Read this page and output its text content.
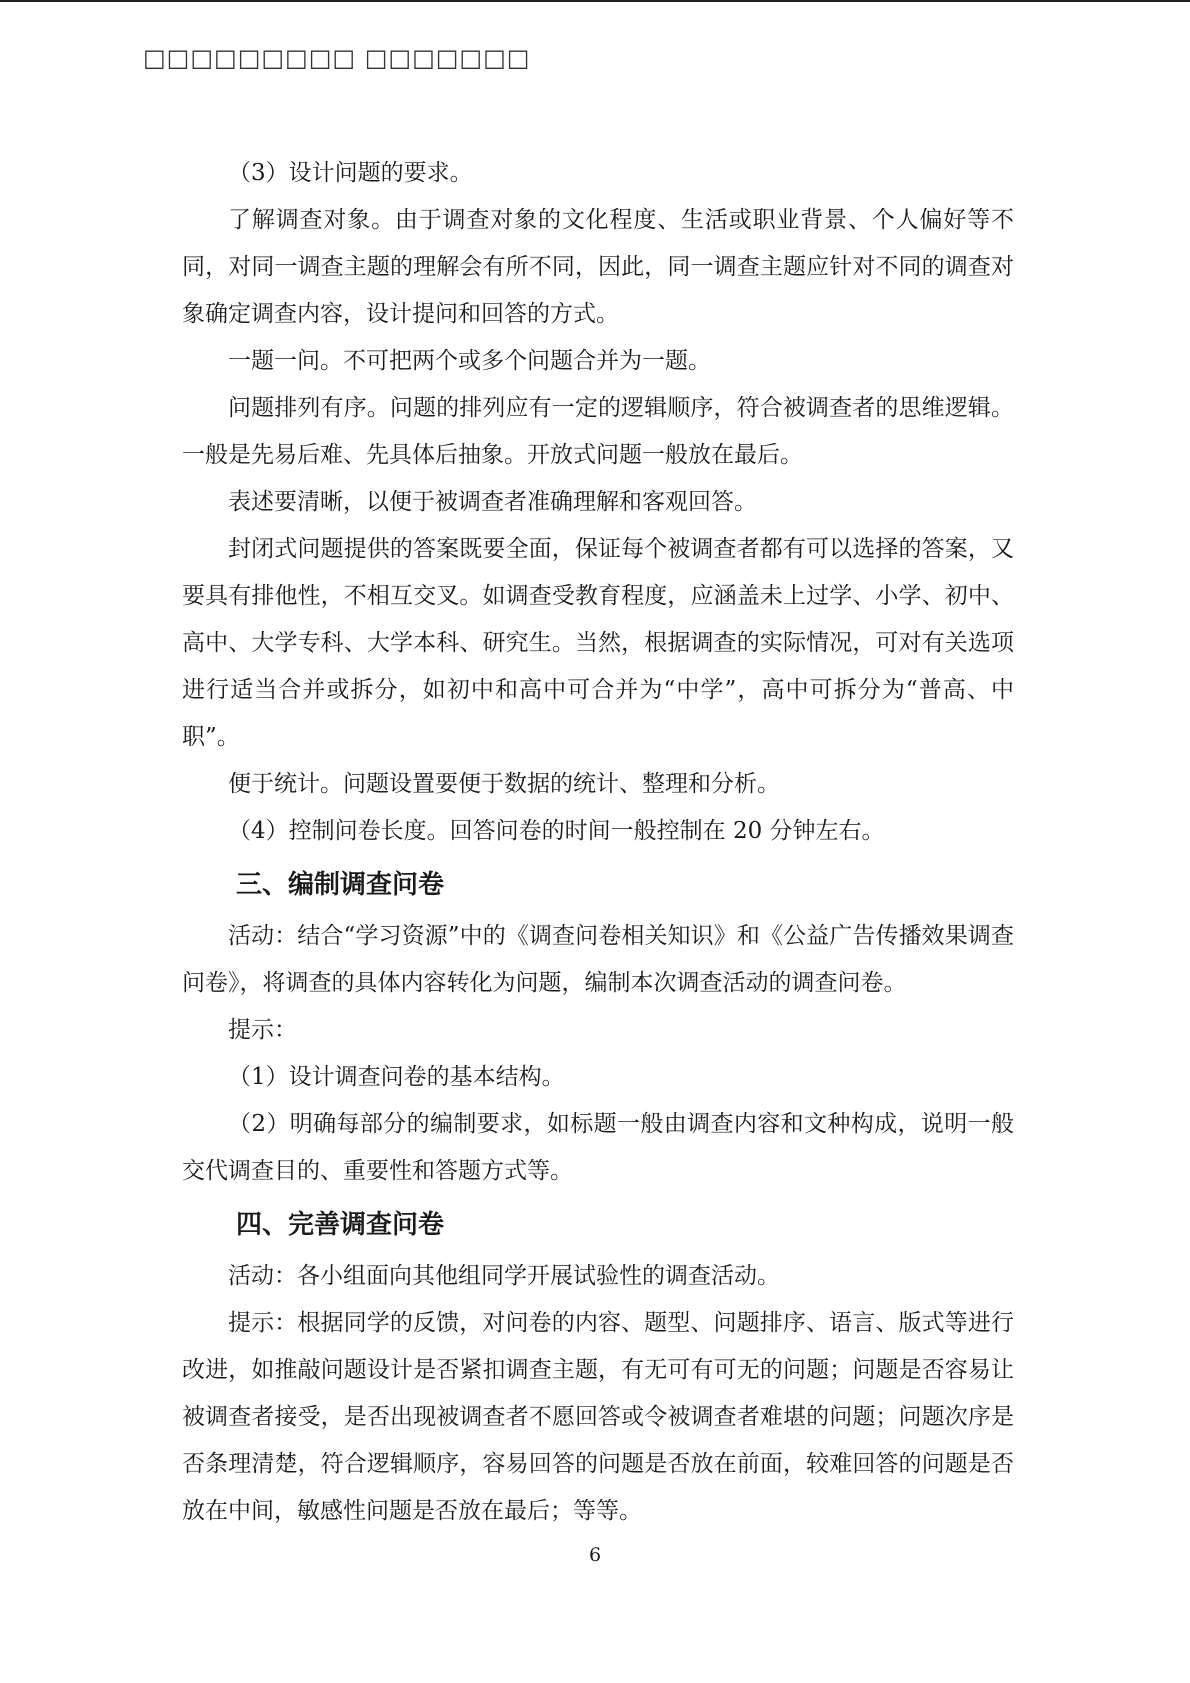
□□□□□□□□□ □□□□□□□

（3）设计问题的要求。

了解调查对象。由于调查对象的文化程度、生活或职业背景、个人偏好等不同，对同一调查主题的理解会有所不同，因此，同一调查主题应针对不同的调查对象确定调查内容，设计提问和回答的方式。

一题一问。不可把两个或多个问题合并为一题。

问题排列有序。问题的排列应有一定的逻辑顺序，符合被调查者的思维逻辑。一般是先易后难、先具体后抽象。开放式问题一般放在最后。

表述要清晰，以便于被调查者准确理解和客观回答。

封闭式问题提供的答案既要全面，保证每个被调查者都有可以选择的答案，又要具有排他性，不相互交叉。如调查受教育程度，应涵盖未上过学、小学、初中、高中、大学专科、大学本科、研究生。当然，根据调查的实际情况，可对有关选项进行适当合并或拆分，如初中和高中可合并为“中学”，高中可拆分为“普高、中职”。

便于统计。问题设置要便于数据的统计、整理和分析。

（4）控制问卷长度。回答问卷的时间一般控制在 20 分钟左右。

三、编制调查问卷

活动：结合“学习资源”中的《调查问卷相关知识》和《公益广告传播效果调查问卷》，将调查的具体内容转化为问题，编制本次调查活动的调查问卷。

提示：

（1）设计调查问卷的基本结构。

（2）明确每部分的编制要求，如标题一般由调查内容和文种构成，说明一般交代调查目的、重要性和答题方式等。

四、完善调查问卷

活动：各小组面向其他组同学开展试验性的调查活动。

提示：根据同学的反馈，对问卷的内容、题型、问题排序、语言、版式等进行改进，如推敲问题设计是否紧扣调查主题，有无可有可无的问题；问题是否容易让被调查者接受，是否出现被调查者不愿回答或令被调查者难堪的问题；问题次序是否条理清楚，符合逻辑顺序，容易回答的问题是否放在前面，较难回答的问题是否放在中间，敏感性问题是否放在最后；等等。

6
